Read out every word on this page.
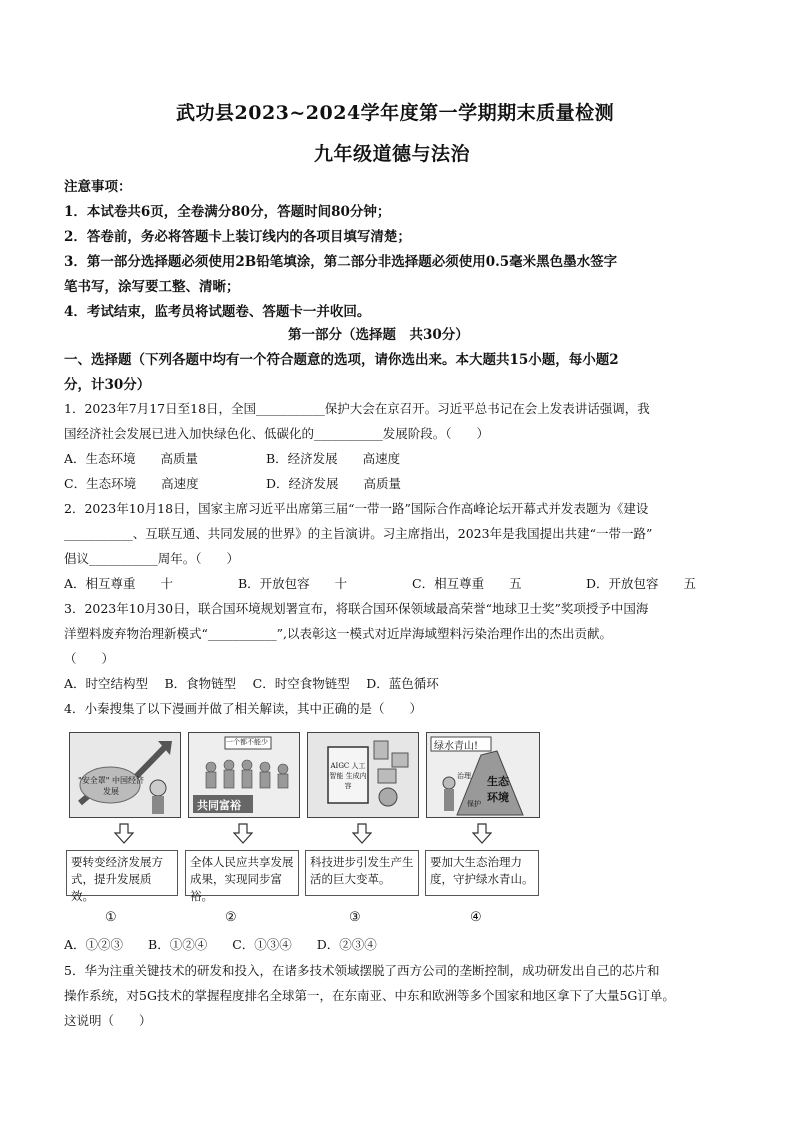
武功县2023~2024学年度第一学期期末质量检测
九年级道德与法治
注意事项：
1．本试卷共6页，全卷满分80分，答题时间80分钟；
2．答卷前，务必将答题卡上装订线内的各项目填写清楚；
3．第一部分选择题必须使用2B铅笔填涂，第二部分非选择题必须使用0.5毫米黑色墨水签字
笔书写，涂写要工整、清晰；
4．考试结束，监考员将试题卷、答题卡一并收回。
第一部分（选择题　共30分）
一、选择题（下列各题中均有一个符合题意的选项，请你选出来。本大题共15小题，每小题2
分，计30分）
1．2023年7月17日至18日，全国___________保护大会在京召开。习近平总书记在会上发表讲话强调，我
国经济社会发展已进入加快绿色化、低碳化的___________发展阶段。（　　）
A．生态环境　　高质量	B．经济发展　　高速度
C．生态环境　　高速度	D．经济发展　　高质量
2．2023年10月18日，国家主席习近平出席第三届“一带一路”国际合作高峰论坛开幕式并发表题为《建设
___________、互联互通、共同发展的世界》的主旨演讲。习主席指出，2023年是我国提出共建“一带一路”
倡议___________周年。（　　）
A．相互尊重　　十	B．开放包容　　十	C．相互尊重　　五	D．开放包容　　五
3．2023年10月30日，联合国环境规划署宣布，将联合国环保领域最高荣誉“地球卫士奖”奖项授予中国海
洋塑料废弃物治理新模式“___________”,以表彰这一模式对近岸海域塑料污染治理作出的杰出贡献。
（　　）
A．时空结构型　 B．食物链型　 C．时空食物链型　 D．蓝色循环
4．小秦搜集了以下漫画并做了相关解读，其中正确的是（　　）
"安全罩" 中国经济发展
一个都不能少
共同富裕
AIGC 人工智能 生成内容
绿水青山!
生态环境
治理
保护
要转变经济发展方式，提升发展质效。
全体人民应共享发展成果，实现同步富裕。
科技进步引发生产生活的巨大变革。
要加大生态治理力度，守护绿水青山。
①	②	③	④
A．①②③　　B．①②④　　C．①③④　　D．②③④
5．华为注重关键技术的研发和投入，在诸多技术领域摆脱了西方公司的垄断控制，成功研发出自己的芯片和
操作系统，对5G技术的掌握程度排名全球第一，在东南亚、中东和欧洲等多个国家和地区拿下了大量5G订单。
这说明（　　）
